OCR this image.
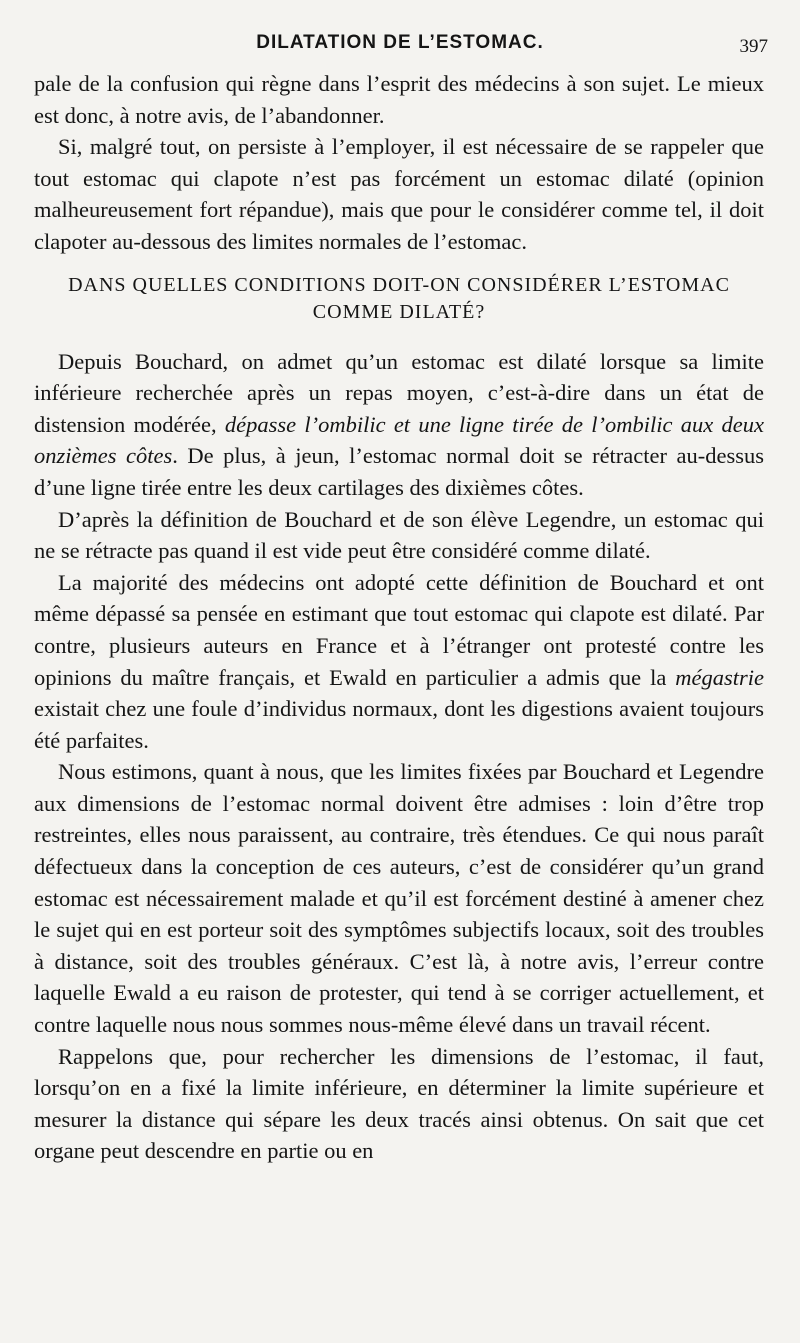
DILATATION DE L’ESTOMAC.	397

pale de la confusion qui règne dans l’esprit des médecins à son sujet. Le mieux est donc, à notre avis, de l’abandonner.

Si, malgré tout, on persiste à l’employer, il est nécessaire de se rappeler que tout estomac qui clapote n’est pas forcément un estomac dilaté (opinion malheureusement fort répandue), mais que pour le considérer comme tel, il doit clapoter au-dessous des limites normales de l’estomac.

DANS QUELLES CONDITIONS DOIT-ON CONSIDÉRER L’ESTOMAC
COMME DILATÉ?

Depuis Bouchard, on admet qu’un estomac est dilaté lorsque sa limite inférieure recherchée après un repas moyen, c’est-à-dire dans un état de distension modérée, dépasse l’ombilic et une ligne tirée de l’ombilic aux deux onzièmes côtes. De plus, à jeun, l’estomac normal doit se rétracter au-dessus d’une ligne tirée entre les deux cartilages des dixièmes côtes.

D’après la définition de Bouchard et de son élève Legendre, un estomac qui ne se rétracte pas quand il est vide peut être considéré comme dilaté.

La majorité des médecins ont adopté cette définition de Bouchard et ont même dépassé sa pensée en estimant que tout estomac qui clapote est dilaté. Par contre, plusieurs auteurs en France et à l’étranger ont protesté contre les opinions du maître français, et Ewald en particulier a admis que la mégastrie existait chez une foule d’individus normaux, dont les digestions avaient toujours été parfaites.

Nous estimons, quant à nous, que les limites fixées par Bouchard et Legendre aux dimensions de l’estomac normal doivent être admises : loin d’être trop restreintes, elles nous paraissent, au contraire, très étendues. Ce qui nous paraît défectueux dans la conception de ces auteurs, c’est de considérer qu’un grand estomac est nécessairement malade et qu’il est forcément destiné à amener chez le sujet qui en est porteur soit des symptômes subjectifs locaux, soit des troubles à distance, soit des troubles généraux. C’est là, à notre avis, l’erreur contre laquelle Ewald a eu raison de protester, qui tend à se corriger actuellement, et contre laquelle nous nous sommes nous-même élevé dans un travail récent.

Rappelons que, pour rechercher les dimensions de l’estomac, il faut, lorsqu’on en a fixé la limite inférieure, en déterminer la limite supérieure et mesurer la distance qui sépare les deux tracés ainsi obtenus. On sait que cet organe peut descendre en partie ou en
